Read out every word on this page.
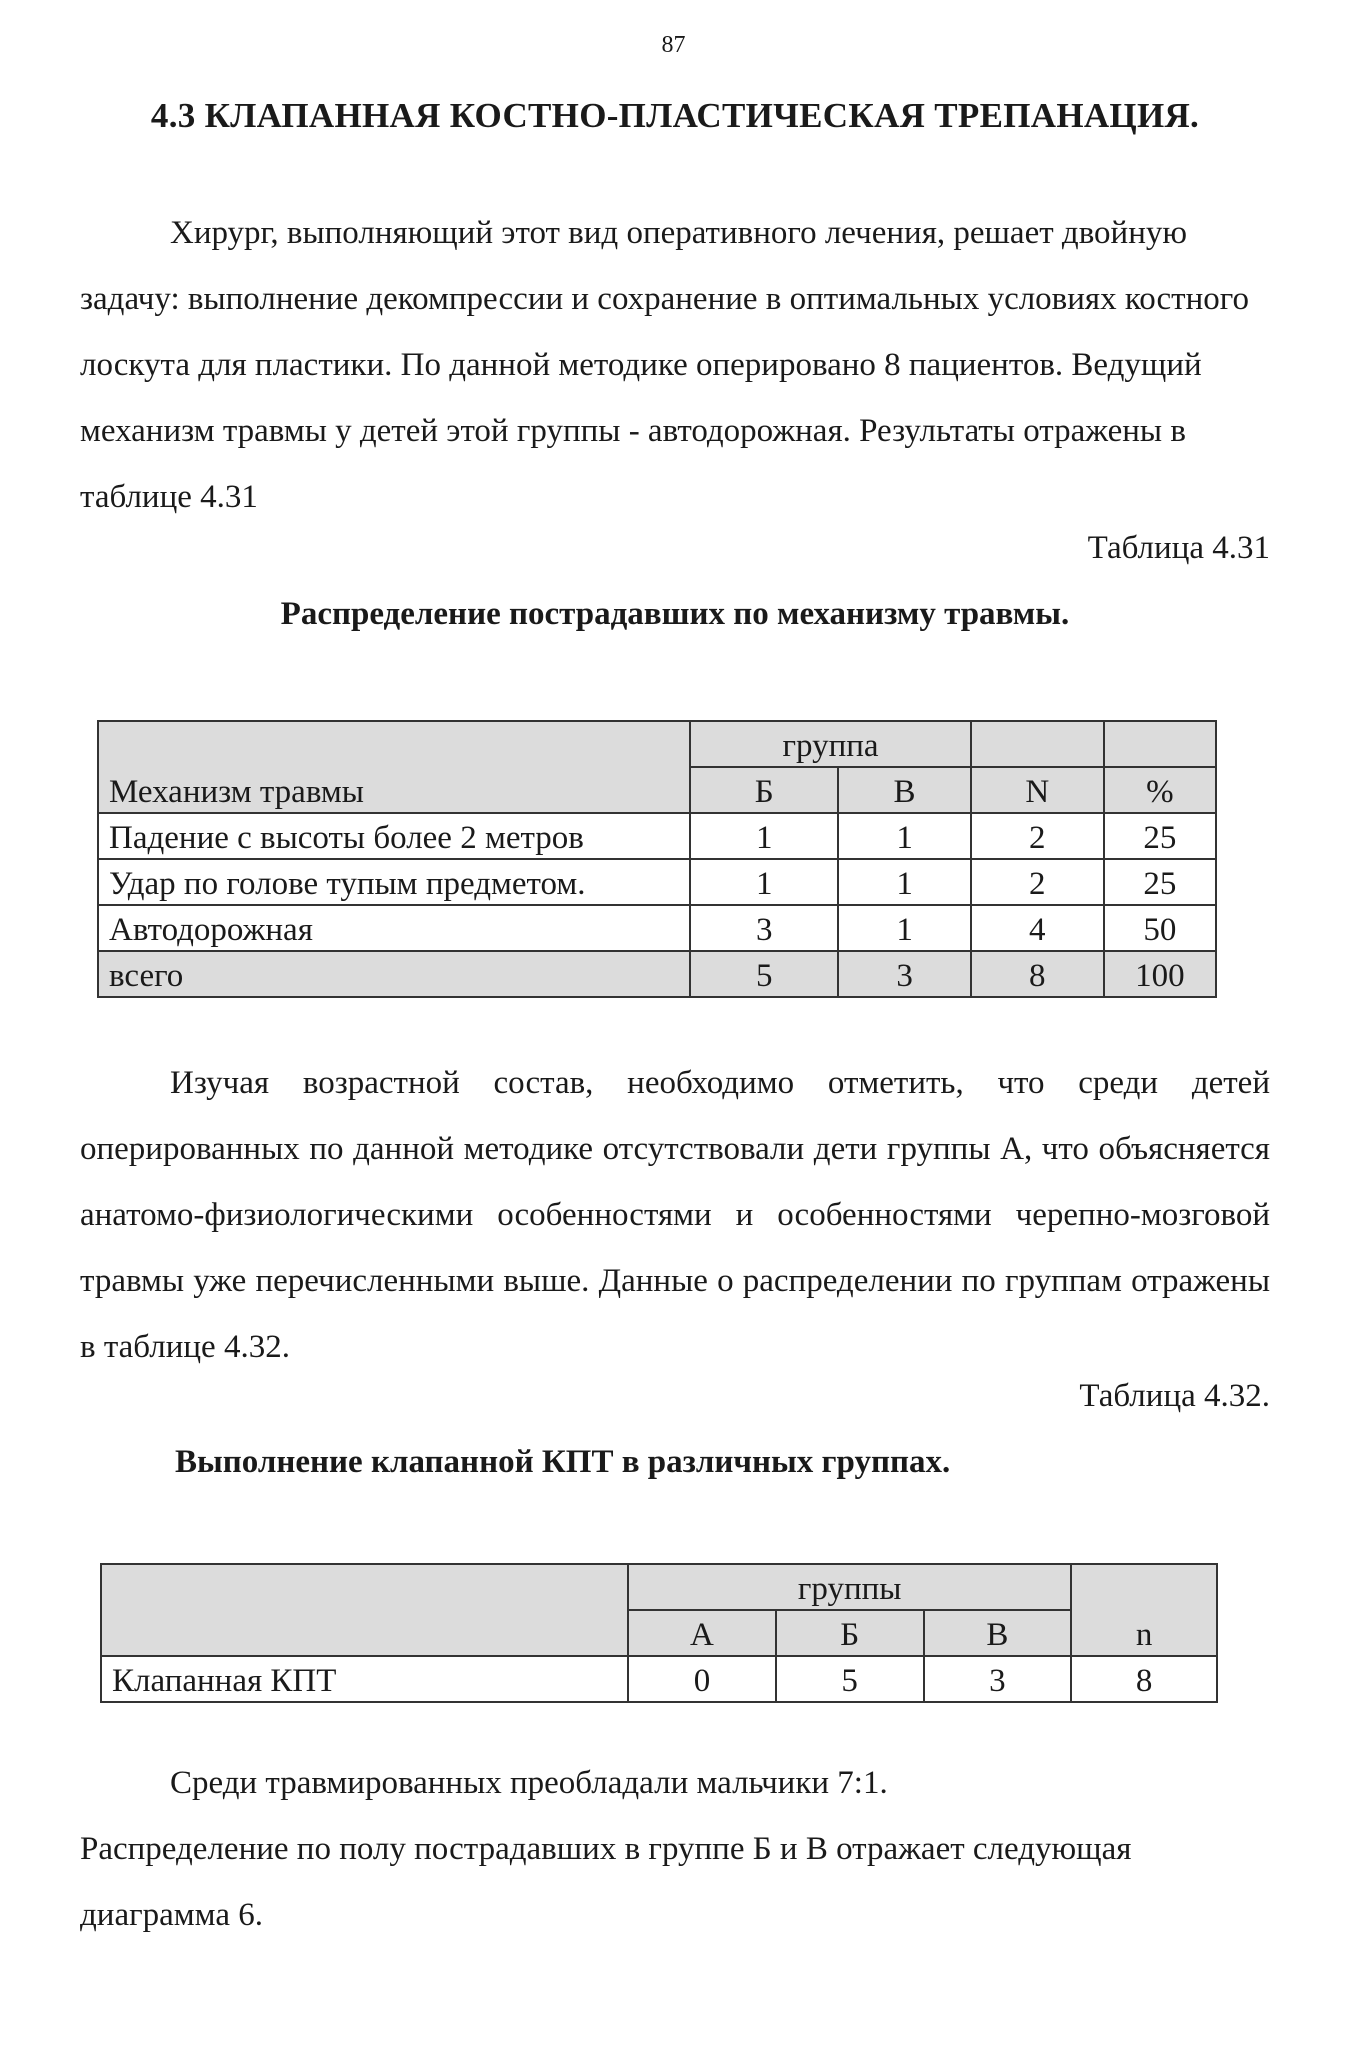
87
4.3 КЛАПАННАЯ КОСТНО-ПЛАСТИЧЕСКАЯ ТРЕПАНАЦИЯ.

Хирург, выполняющий этот вид оперативного лечения, решает двойную задачу: выполнение декомпрессии и сохранение в оптимальных условиях костного лоскута для пластики. По данной методике оперировано 8 пациентов. Ведущий механизм травмы у детей этой группы - автодорожная. Результаты отражены в таблице 4.31

Таблица 4.31
Распределение пострадавших по механизму травмы.
Механизм травмы	группа			
	Б	В	N	%
Падение с высоты более 2 метров	1	1	2	25
Удар по голове тупым предметом.	1	1	2	25
Автодорожная	3	1	4	50
всего	5	3	8	100

Изучая возрастной состав, необходимо отметить, что среди детей оперированных по данной методике отсутствовали дети группы А, что объясняется анатомо-физиологическими особенностями и особенностями черепно-мозговой травмы уже перечисленными выше. Данные о распределении по группам отражены в таблице 4.32.

Таблица 4.32.
Выполнение клапанной КПТ в различных группах.
	группы			n
	А	Б	В	
Клапанная КПТ	0	5	3	8

Среди травмированных преобладали мальчики 7:1.

Распределение по полу пострадавших в группе Б и В отражает следующая диаграмма 6.
